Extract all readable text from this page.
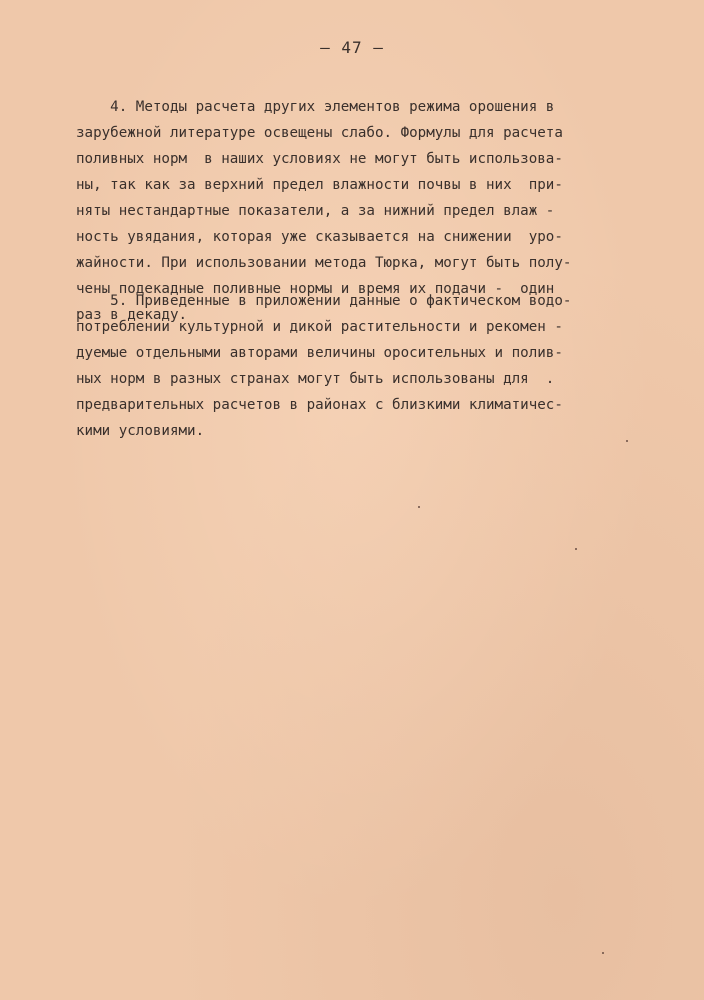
— 47 —

4. Методы расчета других элементов режима орошения в
зарубежной литературе освещены слабо. Формулы для расчета
поливных норм  в наших условиях не могут быть использова-
ны, так как за верхний предел влажности почвы в них  при-
няты нестандартные показатели, а за нижний предел влаж -
ность увядания, которая уже сказывается на снижении  уро-
жайности. При использовании метода Тюрка, могут быть полу-
чены подекадные поливные нормы и время их подачи -  один
раз в декаду.

5. Приведенные в приложении данные о фактическом водо-
потреблении культурной и дикой растительности и рекомен -
дуемые отдельными авторами величины оросительных и полив-
ных норм в разных странах могут быть использованы для  .
предварительных расчетов в районах с близкими климатичес-
кими условиями.
